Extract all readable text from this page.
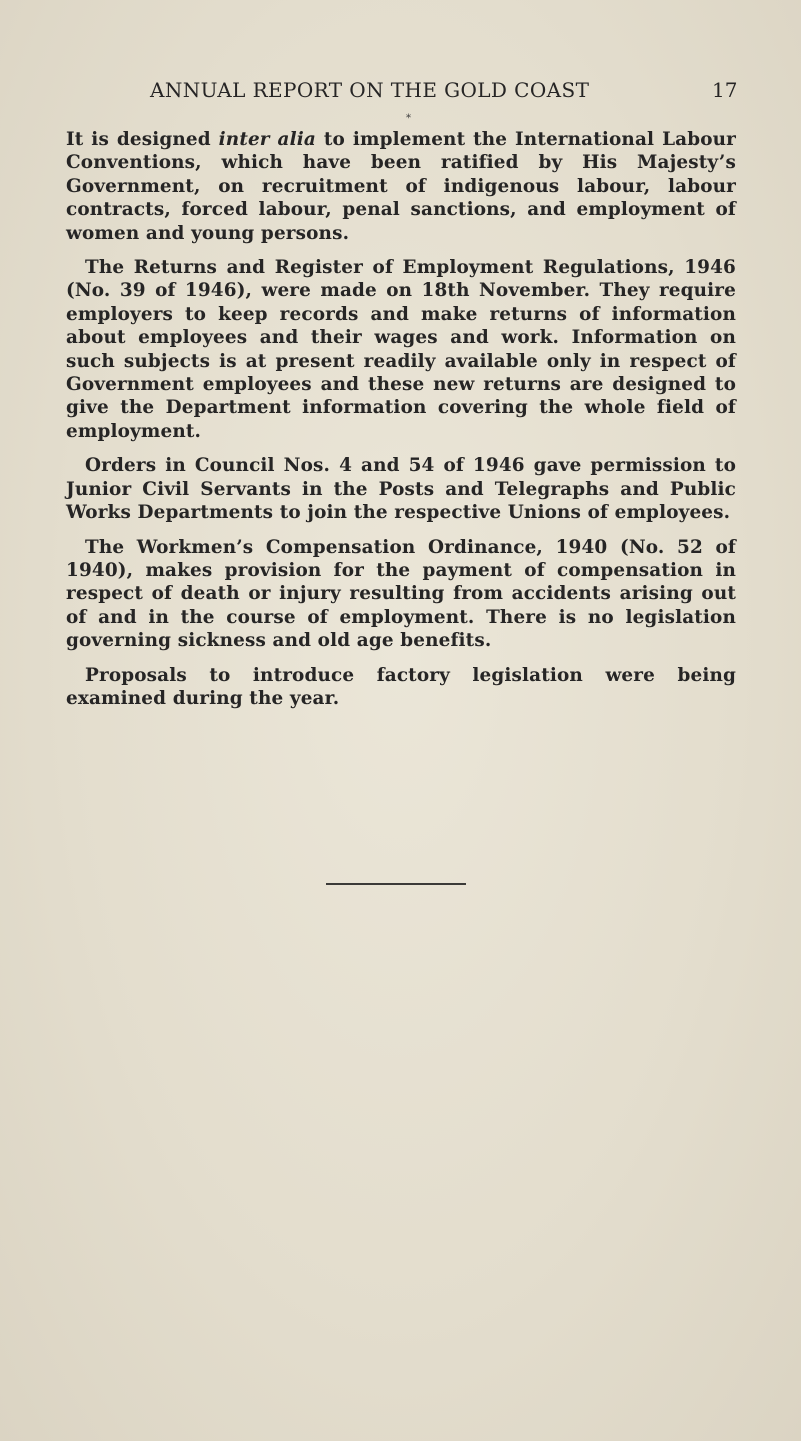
ANNUAL REPORT ON THE GOLD COAST	17
*

It is designed inter alia to implement the International Labour Conventions, which have been ratified by His Majesty’s Government, on recruitment of indigenous labour, labour contracts, forced labour, penal sanctions, and employment of women and young persons.

The Returns and Register of Employment Regulations, 1946 (No. 39 of 1946), were made on 18th November. They require employers to keep records and make returns of information about employees and their wages and work. Information on such subjects is at present readily available only in respect of Government employees and these new returns are designed to give the Department information covering the whole field of employment.

Orders in Council Nos. 4 and 54 of 1946 gave permission to Junior Civil Servants in the Posts and Telegraphs and Public Works Departments to join the respective Unions of employees.

The Workmen’s Compensation Ordinance, 1940 (No. 52 of 1940), makes provision for the payment of compensation in respect of death or injury resulting from accidents arising out of and in the course of employment. There is no legislation governing sickness and old age benefits.

Proposals to introduce factory legislation were being examined during the year.
